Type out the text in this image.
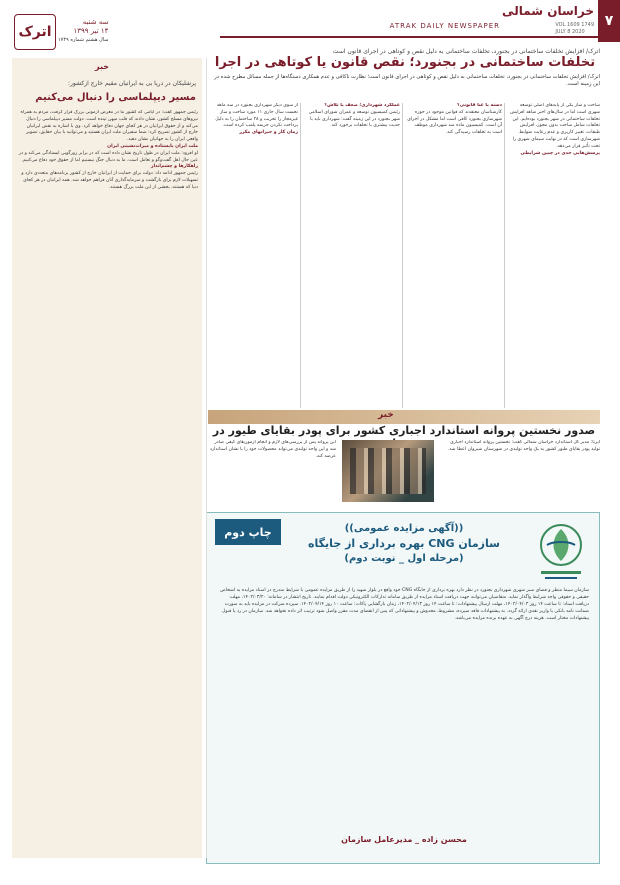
۷
خراسان شمالی
VOL 1609 1749
JULY 8 2020
ATRAK DAILY NEWSPAPER
اترک
سه شنبه
۱۴ تیر ۱۳۹۹
سال هشتم شماره ۱۷۴۹
اترک/ افزایش تخلفات ساختمانی در بجنورد، تخلفات ساختمانی به دلیل نقص و کوتاهی در اجرای قانون است
تخلفات ساختمانی در بجنورد؛ نقص قانون یا کوتاهی در اجرا
اترک/ افزایش تخلفات ساختمانی در بجنورد، تخلفات ساختمانی به دلیل نقص و کوتاهی در اجرای قانون است؛ نظارت ناکافی و عدم همکاری دستگاه‌ها از جمله مسائل مطرح شده در این زمینه است.
ساخت و ساز یکی از پایه‌های اصلی توسعه شهری است اما در سال‌های اخیر شاهد افزایش تخلفات ساختمانی در شهر بجنورد بوده‌ایم. این تخلفات شامل ساخت بدون مجوز، افزایش طبقات، تغییر کاربری و عدم رعایت ضوابط شهرسازی است که در نهایت سیمای شهری را تحت تأثیر قرار می‌دهد.
پرسش‌هایی جدی در چنین شرایطی
دسته یا غنا قانونی؟
کارشناسان معتقدند که قوانین موجود در حوزه شهرسازی بجنورد کافی است اما مشکل در اجرای آن است. کمیسیون ماده صد شهرداری موظف است به تخلفات رسیدگی کند.
عملکرد شهرداری؛ ضعف یا تلاش؟
رئیس کمیسیون توسعه و عمران شورای اسلامی شهر بجنورد در این زمینه گفت: شهرداری باید با جدیت بیشتری با تخلفات برخورد کند.
از سوی دیگر شهرداری بجنورد در سه ماهه نخست سال جاری ۱۱ مورد ساخت و ساز غیرمجاز را تخریب و ۲۸ ساختمان را به دلیل پرداخت نکردن جریمه پلمب کرده است.
زمان کار و جبرانهای مکرر
خبر
صدور نخستین پروانه استاندارد اجباری کشور برای پودر بقایای طیور در
ایرنا: مدیر کل استاندارد خراسان شمالی گفت: نخستین پروانه استاندارد اجباری تولید پودر بقایای طیور کشور به یک واحد تولیدی در شهرستان شیروان اعطا شد.
این پروانه پس از بررسی‌های لازم و انجام آزمون‌های کیفی صادر شد و این واحد تولیدی می‌تواند محصولات خود را با نشان استاندارد عرضه کند.
چاپ دوم	((آگهی مزایده عمومی))
بهره برداری از جایگاه CNG سازمان
(مرحله اول _ نوبت دوم)
سازمان سیما منظر و فضای سبز شهری شهرداری بجنورد در نظر دارد بهره برداری از جایگاه CNG خود واقع در بلوار شهید را از طریق مزایده عمومی با شرایط مندرج در اسناد مزایده به اشخاص حقیقی و حقوقی واجد شرایط واگذار نماید. متقاضیان می‌توانند جهت دریافت اسناد مزایده از طریق سامانه تدارکات الکترونیکی دولت اقدام نمایند. تاریخ انتشار در سامانه: ۱۴۰۲/۰۳/۲۰، مهلت دریافت اسناد: تا ساعت ۱۴ روز ۱۴۰۲/۰۴/۰۳، مهلت ارسال پیشنهادات: تا ساعت ۱۴ روز ۱۴۰۲/۰۴/۱۳، زمان بازگشایی پاکات: ساعت ۱۰ روز ۱۴۰۲/۰۴/۱۴. سپرده شرکت در مزایده باید به صورت ضمانت نامه بانکی یا واریز نقدی ارائه گردد. به پیشنهادات فاقد سپرده، مشروط، مخدوش و پیشنهاداتی که پس از انقضای مدت مقرر واصل شود ترتیب اثر داده نخواهد شد. سازمان در رد یا قبول پیشنهادات مختار است. هزینه درج آگهی به عهده برنده مزایده می‌باشد.
محسن زاده _ مدیرعامل سازمان
خبر
پرشلیکان در دریا بی به ایرانیان مقیم خارج ازکشور:
مسیر دیپلماسی را دنبال می‌کنیم
رئیس جمهور گفت: در ایامی که کشور ما در معرض آزمونی بزرگ قرار گرفت، مردم به همراه نیروهای مسلح کشور، نشان دادند که قلب میهن تپنده است. دولت مسیر دیپلماسی را دنبال می‌کند و از حقوق ایرانیان در هر کجای جهان دفاع خواهد کرد. وی با اشاره به نقش ایرانیان خارج از کشور تصریح کرد: شما سفیران ملت ایران هستید و می‌توانید با بیان حقایق، تصویر واقعی ایران را به جهانیان نشان دهید.
ملت ایران بایستاده و میراث‌نشینی ایران
او افزود: ملت ایران در طول تاریخ نشان داده است که در برابر زورگویی ایستادگی می‌کند و در عین حال اهل گفت‌وگو و تعامل است. ما به دنبال جنگ نیستیم اما از حقوق خود دفاع می‌کنیم.
راهکارها و چشم‌انداز
رئیس جمهور ادامه داد: دولت برای حمایت از ایرانیان خارج از کشور برنامه‌های متعددی دارد و تسهیلات لازم برای بازگشت و سرمایه‌گذاری آنان فراهم خواهد شد. همه ایرانیان در هر کجای دنیا که هستند، بخشی از این ملت بزرگ هستند.
